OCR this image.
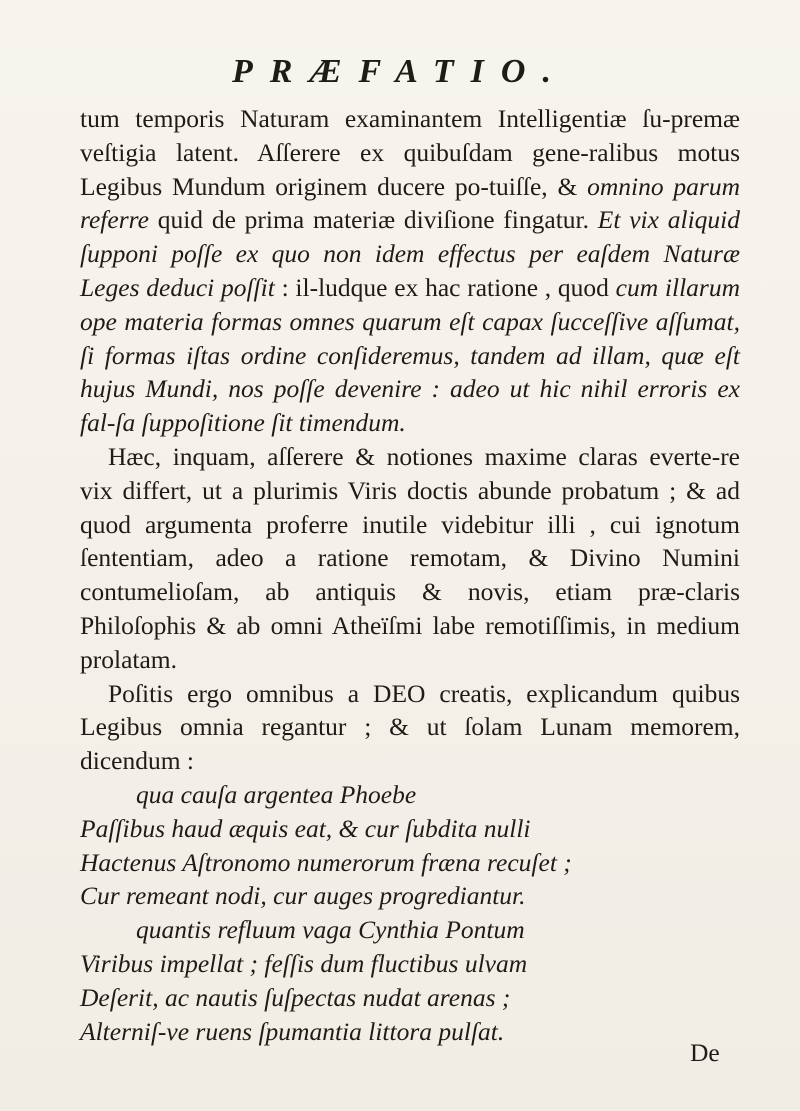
PRÆFATIO.

tum temporis Naturam examinantem Intelligentiæ ſu-premæ veſtigia latent. Aſſerere ex quibuſdam gene-ralibus motus Legibus Mundum originem ducere po-tuiſſe, & omnino parum referre quid de prima materiæ diviſione fingatur. Et vix aliquid ſupponi poſſe ex quo non idem effectus per eaſdem Naturæ Leges deduci poſſit : il-ludque ex hac ratione , quod cum illarum ope materia formas omnes quarum eſt capax ſucceſſive aſſumat, ſi formas iſtas ordine conſideremus, tandem ad illam, quæ eſt hujus Mundi, nos poſſe devenire : adeo ut hic nihil erroris ex fal-ſa ſuppoſitione ſit timendum.

Hæc, inquam, aſſerere & notiones maxime claras everte-re vix differt, ut a plurimis Viris doctis abunde probatum ; & ad quod argumenta proferre inutile videbitur illi , cui ignotum ſententiam, adeo a ratione remotam, & Divino Numini contumelioſam, ab antiquis & novis, etiam præ-claris Philoſophis & ab omni Atheïſmi labe remotiſſimis, in medium prolatam.

Poſitis ergo omnibus a DEO creatis, explicandum quibus Legibus omnia regantur ; & ut ſolam Lunam memorem, dicendum :

qua cauſa argentea Phoebe
Paſſibus haud æquis eat, & cur ſubdita nulli
Hactenus Aſtronomo numerorum fræna recuſet ;
Cur remeant nodi, cur auges progrediantur.
quantis refluum vaga Cynthia Pontum
Viribus impellat ; feſſis dum fluctibus ulvam
Deſerit, ac nautis ſuſpectas nudat arenas ;
Alterniſ-ve ruens ſpumantia littora pulſat.
De
